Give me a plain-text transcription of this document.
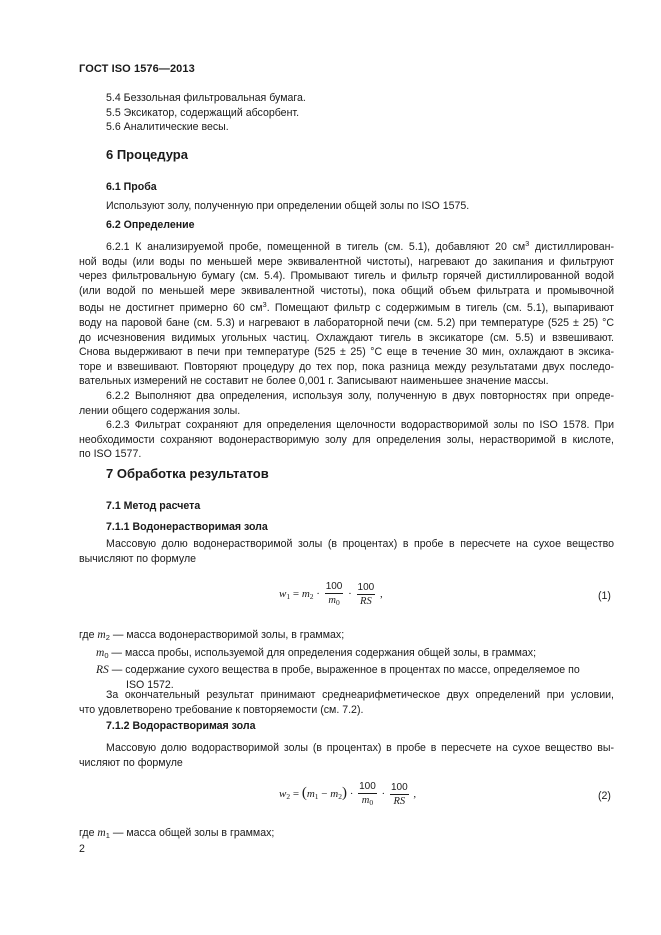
ГОСТ ISO 1576—2013
5.4 Беззольная фильтровальная бумага.
5.5 Эксикатор, содержащий абсорбент.
5.6 Аналитические весы.
6 Процедура
6.1 Проба
Используют золу, полученную при определении общей золы по ISO 1575.
6.2 Определение
6.2.1 К анализируемой пробе, помещенной в тигель (см. 5.1), добавляют 20 $см^3$ дистиллирован-
ной воды (или воды по меньшей мере эквивалентной чистоты), нагревают до закипания и фильтруют
через фильтровальную бумагу (см. 5.4). Промывают тигель и фильтр горячей дистиллированной водой
(или водой по меньшей мере эквивалентной чистоты), пока общий объем фильтрата и промывочной
воды не достигнет примерно 60 $см^3$. Помещают фильтр с содержимым в тигель (см. 5.1), выпаривают
воду на паровой бане (см. 5.3) и нагревают в лабораторной печи (см. 5.2) при температуре (525 ± 25) °С
до исчезновения видимых угольных частиц. Охлаждают тигель в эксикаторе (см. 5.5) и взвешивают.
Снова выдерживают в печи при температуре (525 ± 25) °С еще в течение 30 мин, охлаждают в эксика-
торе и взвешивают. Повторяют процедуру до тех пор, пока разница между результатами двух последо-
вательных измерений не составит не более 0,001 г. Записывают наименьшее значение массы.
6.2.2 Выполняют два определения, используя золу, полученную в двух повторностях при опреде-
лении общего содержания золы.
6.2.3 Фильтрат сохраняют для определения щелочности водорастворимой золы по ISO 1578. При
необходимости сохраняют водонерастворимую золу для определения золы, нерастворимой в кислоте,
по ISO 1577.
7 Обработка результатов
7.1 Метод расчета
7.1.1 Водонерастворимая зола
Массовую долю водонерастворимой золы (в процентах) в пробе в пересчете на сухое вещество
вычисляют по формуле
$w_1 = m_2 \cdot \frac{100}{m_0} \cdot \frac{100}{RS}$ ,	(1)
где $m_2$ — масса водонерастворимой золы, в граммах;
$m_0$ — масса пробы, используемой для определения содержания общей золы, в граммах;
RS — содержание сухого вещества в пробе, выраженное в процентах по массе, определяемое по
ISO 1572.
За окончательный результат принимают среднеарифметическое двух определений при условии,
что удовлетворено требование к повторяемости (см. 7.2).
7.1.2 Водорастворимая зола
Массовую долю водорастворимой золы (в процентах) в пробе в пересчете на сухое вещество вы-
числяют по формуле
$w_2 = (m_1 - m_2) \cdot \frac{100}{m_0} \cdot \frac{100}{RS}$ ,	(2)
где $m_1$ — масса общей золы в граммах;
2
